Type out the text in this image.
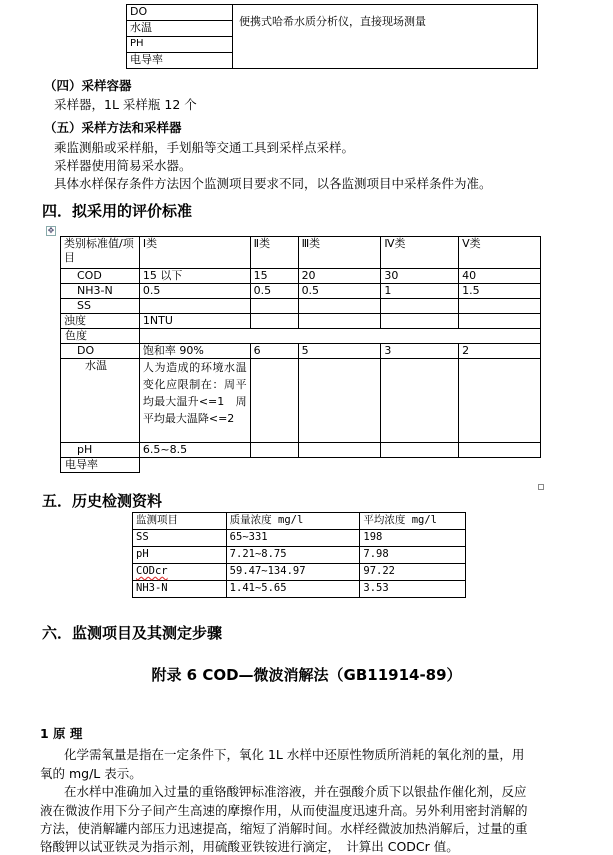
DO	便携式哈希水质分析仪，直接现场测量
水温
PH
电导率
（四）采样容器
采样器，1L 采样瓶 12 个
（五）采样方法和采样器
乘监测船或采样船，手划船等交通工具到采样点采样。
采样器使用简易采水器。
具体水样保存条件方法因个监测项目要求不同，以各监测项目中采样条件为准。
四．拟采用的评价标准
✥
类别标准值/项目	Ⅰ类	Ⅱ类	Ⅲ类	Ⅳ类	Ⅴ类
COD	15 以下	15	20	30	40
NH3-N	0.5	0.5	0.5	1	1.5
SS					
浊度	1NTU				
色度					
DO	饱和率 90%	6	5	3	2
水温	人为造成的环境水温变化应限制在：周平均最大温升<=1　周平均最大温降<=2				
pH	6.5~8.5				
电导率					
五．历史检测资料
监测项目	质量浓度 mg/l	平均浓度 mg/l
SS	65~331	198
pH	7.21~8.75	7.98
CODcr	59.47~134.97	97.22
NH3-N	1.41~5.65	3.53
六．监测项目及其测定步骤
附录 6 COD—微波消解法（GB11914-89）
1 原 理
化学需氧量是指在一定条件下，氧化 1L 水样中还原性物质所消耗的氧化剂的量，用
氧的 mg/L 表示。
在水样中准确加入过量的重铬酸钾标准溶液，并在强酸介质下以银盐作催化剂，反应
液在微波作用下分子间产生高速的摩擦作用，从而使温度迅速升高。另外利用密封消解的
方法，使消解罐内部压力迅速提高，缩短了消解时间。水样经微波加热消解后，过量的重
铬酸钾以试亚铁灵为指示剂，用硫酸亚铁铵进行滴定，　计算出 CODCr 值。
